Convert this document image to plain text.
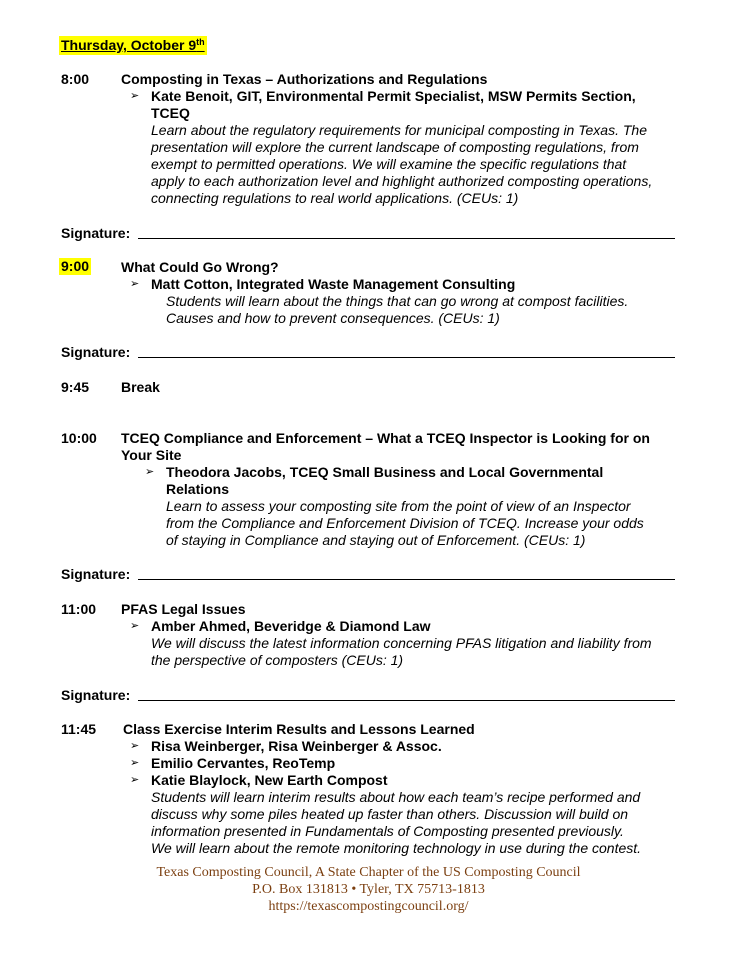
Thursday, October 9th
8:00 Composting in Texas – Authorizations and Regulations
➢ Kate Benoit, GIT, Environmental Permit Specialist, MSW Permits Section,
TCEQ
Learn about the regulatory requirements for municipal composting in Texas. The
presentation will explore the current landscape of composting regulations, from
exempt to permitted operations. We will examine the specific regulations that
apply to each authorization level and highlight authorized composting operations,
connecting regulations to real world applications. (CEUs: 1)
Signature:
9:00 What Could Go Wrong?
➢ Matt Cotton, Integrated Waste Management Consulting
Students will learn about the things that can go wrong at compost facilities.
Causes and how to prevent consequences. (CEUs: 1)
Signature:
9:45 Break
10:00 TCEQ Compliance and Enforcement – What a TCEQ Inspector is Looking for on
Your Site
➢ Theodora Jacobs, TCEQ Small Business and Local Governmental
Relations
Learn to assess your composting site from the point of view of an Inspector
from the Compliance and Enforcement Division of TCEQ. Increase your odds
of staying in Compliance and staying out of Enforcement. (CEUs: 1)
Signature:
11:00 PFAS Legal Issues
➢ Amber Ahmed, Beveridge & Diamond Law
We will discuss the latest information concerning PFAS litigation and liability from
the perspective of composters (CEUs: 1)
Signature:
11:45 Class Exercise Interim Results and Lessons Learned
➢ Risa Weinberger, Risa Weinberger & Assoc.
➢ Emilio Cervantes, ReoTemp
➢ Katie Blaylock, New Earth Compost
Students will learn interim results about how each team’s recipe performed and
discuss why some piles heated up faster than others. Discussion will build on
information presented in Fundamentals of Composting presented previously.
We will learn about the remote monitoring technology in use during the contest.
Texas Composting Council, A State Chapter of the US Composting Council
P.O. Box 131813 • Tyler, TX 75713-1813
https://texascompostingcouncil.org/
